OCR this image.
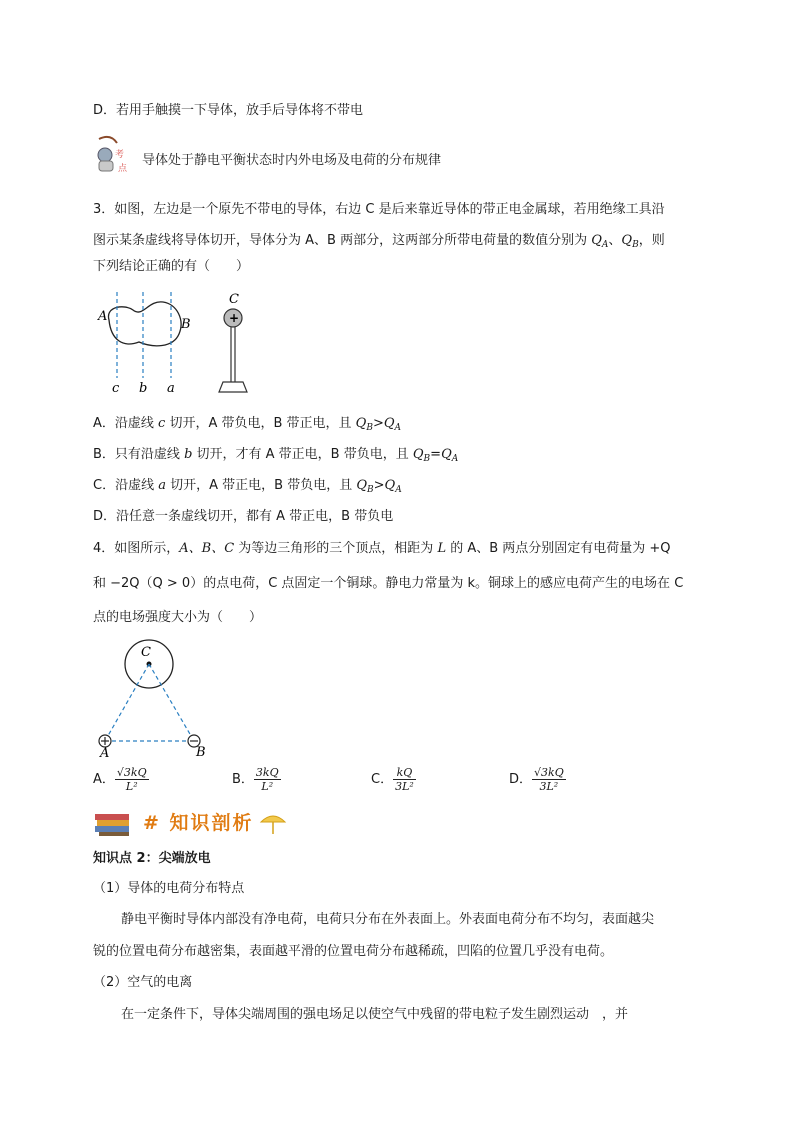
D．若用手触摸一下导体，放手后导体将不带电
考
点
导体处于静电平衡状态时内外电场及电荷的分布规律
3．如图，左边是一个原先不带电的导体，右边 C 是后来靠近导体的带正电金属球，若用绝缘工具沿
图示某条虚线将导体切开，导体分为 A、B 两部分，这两部分所带电荷量的数值分别为 $Q_A$、$Q_B$，则
下列结论正确的有（　　）
A
B
c b a
C
+
A．沿虚线 c 切开，A 带负电，B 带正电，且 $Q_B>Q_A$
B．只有沿虚线 b 切开，才有 A 带正电，B 带负电，且 $Q_B=Q_A$
C．沿虚线 a 切开，A 带正电，B 带负电，且 $Q_B>Q_A$
D．沿任意一条虚线切开，都有 A 带正电，B 带负电
4．如图所示，A、B、C 为等边三角形的三个顶点，相距为 L 的 A、B 两点分别固定有电荷量为 +Q
和 −2Q（Q > 0）的点电荷，C 点固定一个铜球。静电力常量为 k。铜球上的感应电荷产生的电场在 C
点的电场强度大小为（　　）
C
A	B
A． $\frac{√3kQ}{\text{L²}}$	B． $\frac{3kQ}{\text{L²}}$	C． $\frac{kQ}{\text{3L²}}$	D． $\frac{√3kQ}{\text{3L²}}$
# 知识剖析
知识点 2：尖端放电
（1）导体的电荷分布特点
静电平衡时导体内部没有净电荷，电荷只分布在外表面上。外表面电荷分布不均匀，表面越尖
锐的位置电荷分布越密集，表面越平滑的位置电荷分布越稀疏，凹陷的位置几乎没有电荷。
（2）空气的电离
在一定条件下，导体尖端周围的强电场足以使空气中残留的带电粒子发生剧烈运动　，并
